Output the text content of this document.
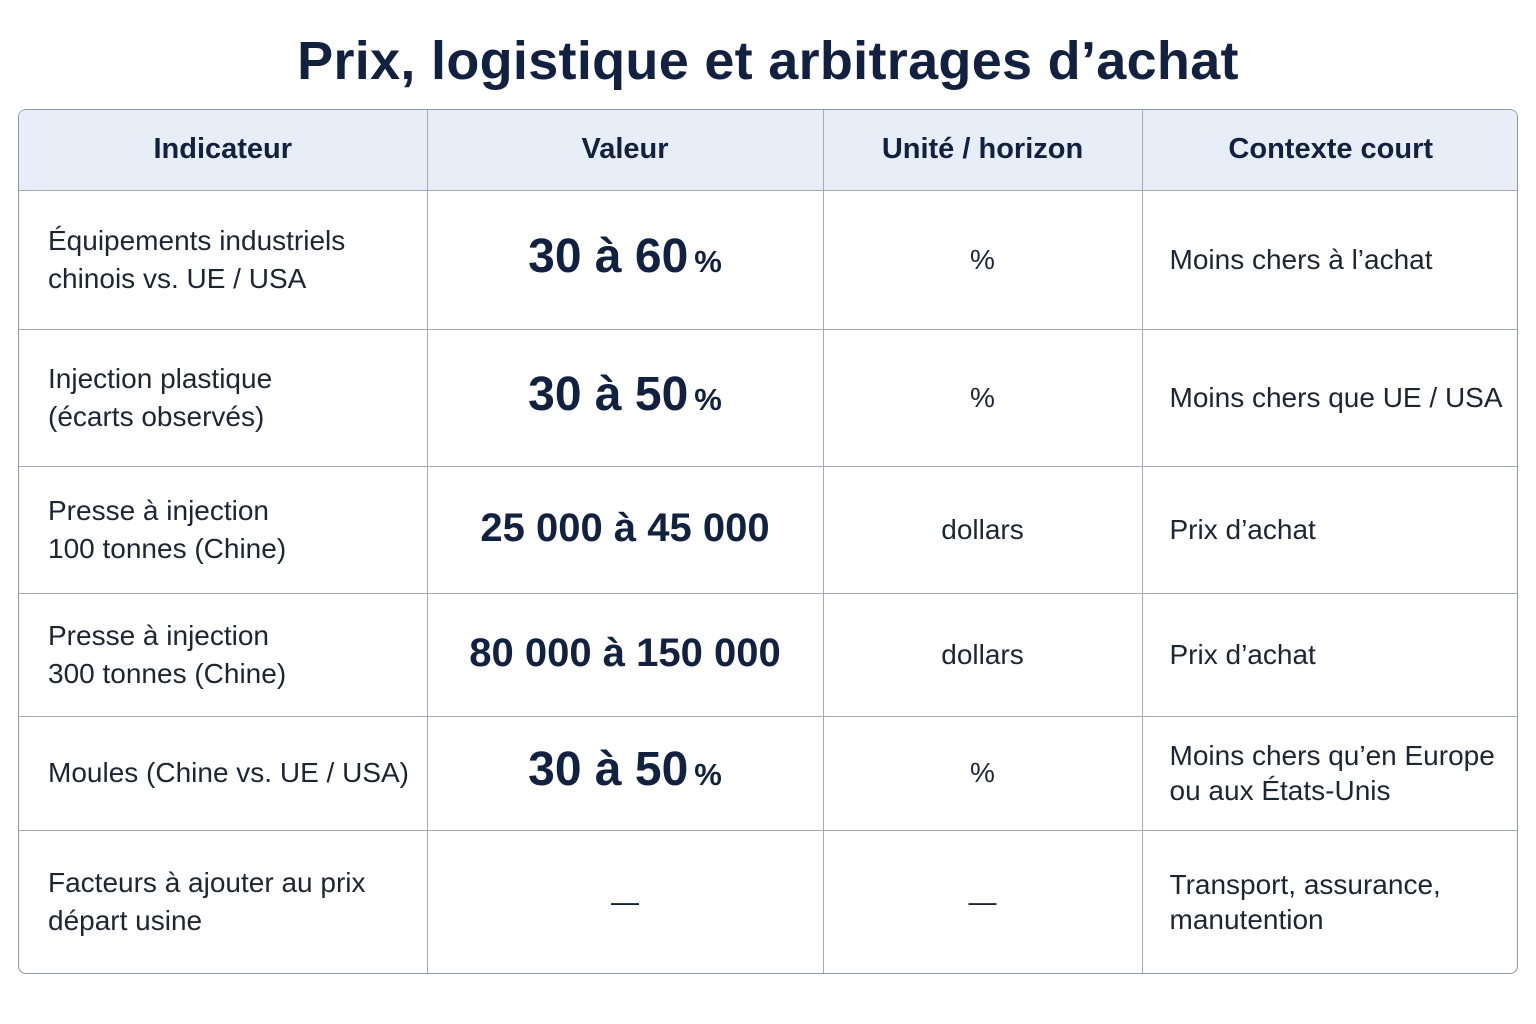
Prix, logistique et arbitrages d’achat
Indicateur	Valeur	Unité / horizon	Contexte court

Équipements industriels
chinois vs. UE / USA	30 à 60 %	%	Moins chers à l’achat

Injection plastique
(écarts observés)	30 à 50 %	%	Moins chers que UE / USA

Presse à injection
100 tonnes (Chine)	25 000 à 45 000	dollars	Prix d’achat

Presse à injection
300 tonnes (Chine)	80 000 à 150 000	dollars	Prix d’achat

Moules (Chine vs. UE / USA)	30 à 50 %	%	Moins chers qu’en Europe
ou aux États-Unis

Facteurs à ajouter au prix
départ usine	—	—	Transport, assurance,
manutention
